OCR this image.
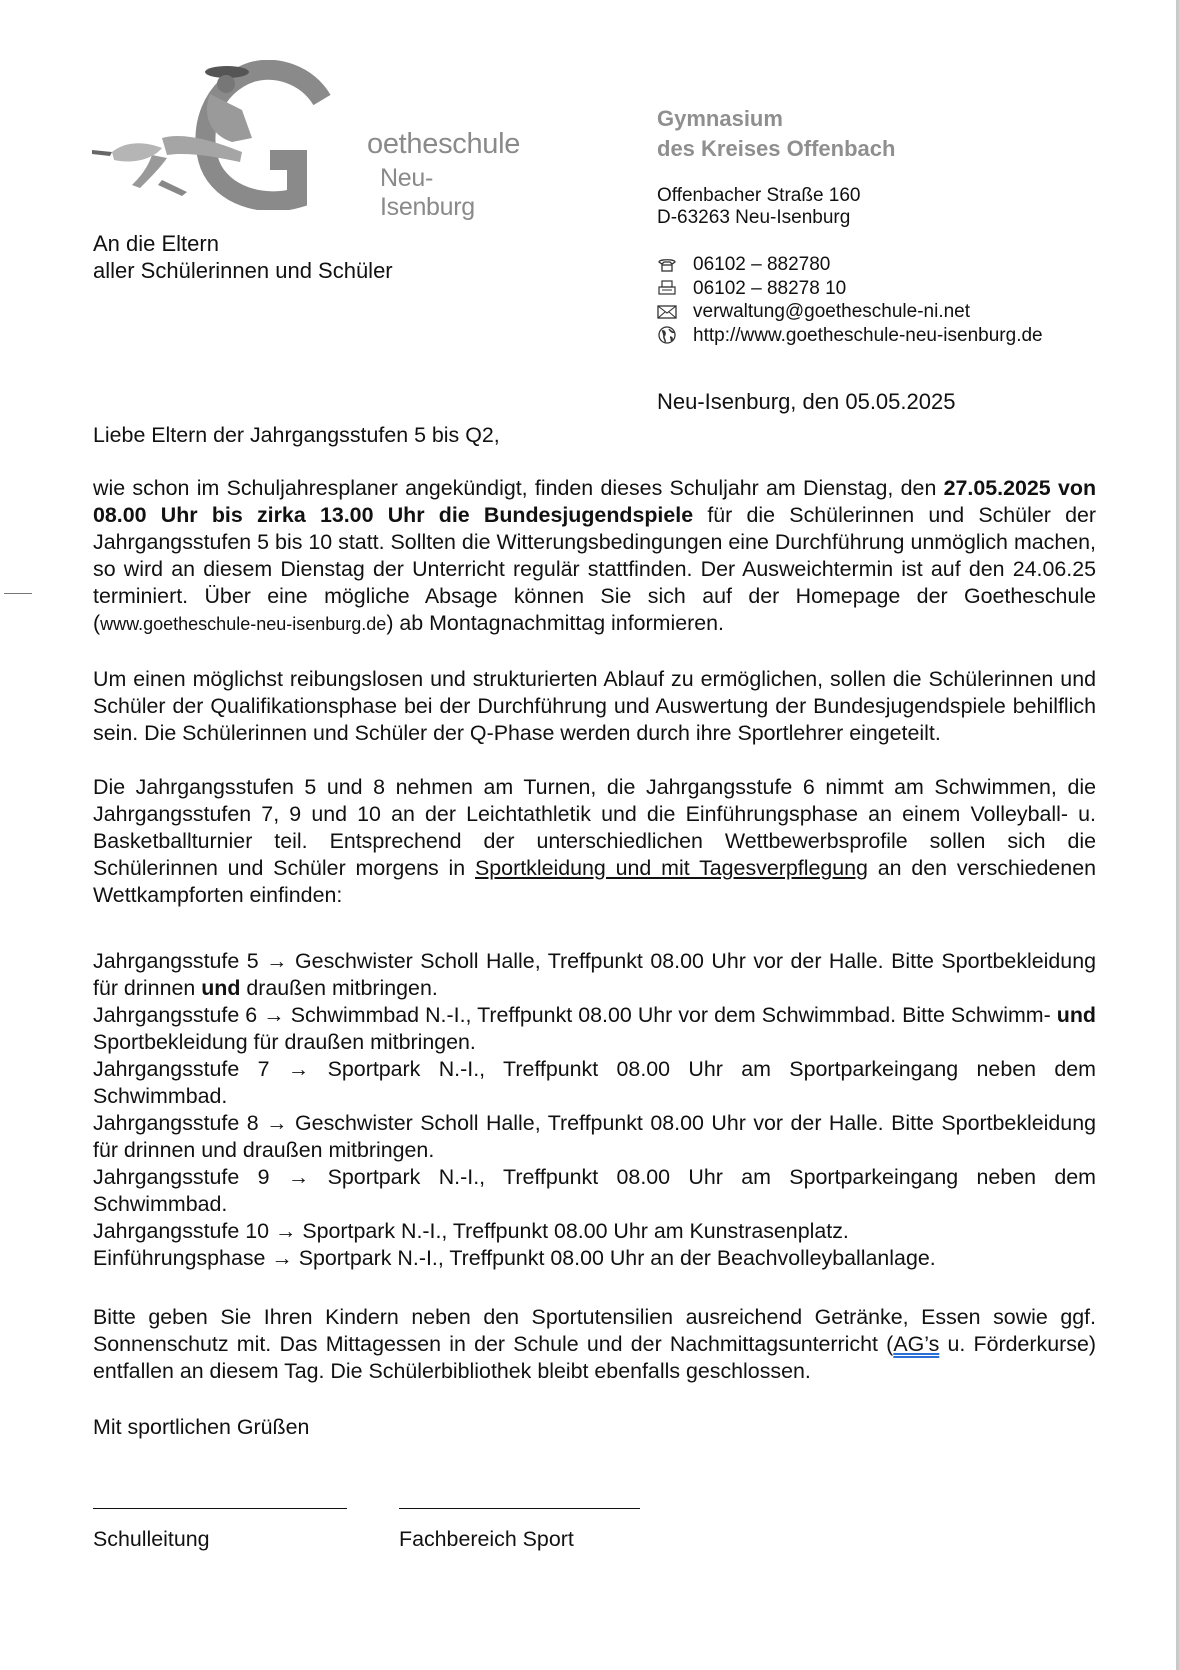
oetheschule
Neu-Isenburg
Gymnasium
des Kreises Offenbach
Offenbacher Straße 160
D-63263 Neu-Isenburg
06102 – 882780
06102 – 88278 10
verwaltung@goetheschule-ni.net
http://www.goetheschule-neu-isenburg.de
An die Eltern
aller Schülerinnen und Schüler
Neu-Isenburg, den 05.05.2025
Liebe Eltern der Jahrgangsstufen 5 bis Q2,
wie schon im Schuljahresplaner angekündigt, finden dieses Schuljahr am Dienstag, den 27.05.2025 von 08.00 Uhr bis zirka 13.00 Uhr die Bundesjugendspiele für die Schülerinnen und Schüler der Jahrgangsstufen 5 bis 10 statt. Sollten die Witterungsbedingungen eine Durchführung unmöglich machen, so wird an diesem Dienstag der Unterricht regulär stattfinden. Der Ausweichtermin ist auf den 24.06.25 terminiert. Über eine mögliche Absage können Sie sich auf der Homepage der Goetheschule (www.goetheschule-neu-isenburg.de) ab Montagnachmittag informieren.
Um einen möglichst reibungslosen und strukturierten Ablauf zu ermöglichen, sollen die Schülerinnen und Schüler der Qualifikationsphase bei der Durchführung und Auswertung der Bundesjugendspiele behilflich sein. Die Schülerinnen und Schüler der Q-Phase werden durch ihre Sportlehrer eingeteilt.
Die Jahrgangsstufen 5 und 8 nehmen am Turnen, die Jahrgangsstufe 6 nimmt am Schwimmen, die Jahrgangsstufen 7, 9 und 10 an der Leichtathletik und die Einführungsphase an einem Volleyball- u. Basketballturnier teil. Entsprechend der unterschiedlichen Wettbewerbsprofile sollen sich die Schülerinnen und Schüler morgens in Sportkleidung und mit Tagesverpflegung an den verschiedenen Wettkampforten einfinden:
Jahrgangsstufe 5 → Geschwister Scholl Halle, Treffpunkt 08.00 Uhr vor der Halle. Bitte Sportbekleidung für drinnen und draußen mitbringen.
Jahrgangsstufe 6 → Schwimmbad N.-I., Treffpunkt 08.00 Uhr vor dem Schwimmbad. Bitte Schwimm- und Sportbekleidung für draußen mitbringen.
Jahrgangsstufe 7 → Sportpark N.-I., Treffpunkt 08.00 Uhr am Sportparkeingang neben dem Schwimmbad.
Jahrgangsstufe 8 → Geschwister Scholl Halle, Treffpunkt 08.00 Uhr vor der Halle. Bitte Sportbekleidung für drinnen und draußen mitbringen.
Jahrgangsstufe 9 → Sportpark N.-I., Treffpunkt 08.00 Uhr am Sportparkeingang neben dem Schwimmbad.
Jahrgangsstufe 10 → Sportpark N.-I., Treffpunkt 08.00 Uhr am Kunstrasenplatz.
Einführungsphase → Sportpark N.-I., Treffpunkt 08.00 Uhr an der Beachvolleyballanlage.
Bitte geben Sie Ihren Kindern neben den Sportutensilien ausreichend Getränke, Essen sowie ggf. Sonnenschutz mit. Das Mittagessen in der Schule und der Nachmittagsunterricht (AG’s u. Förderkurse) entfallen an diesem Tag. Die Schülerbibliothek bleibt ebenfalls geschlossen.
Mit sportlichen Grüßen
Schulleitung	Fachbereich Sport
